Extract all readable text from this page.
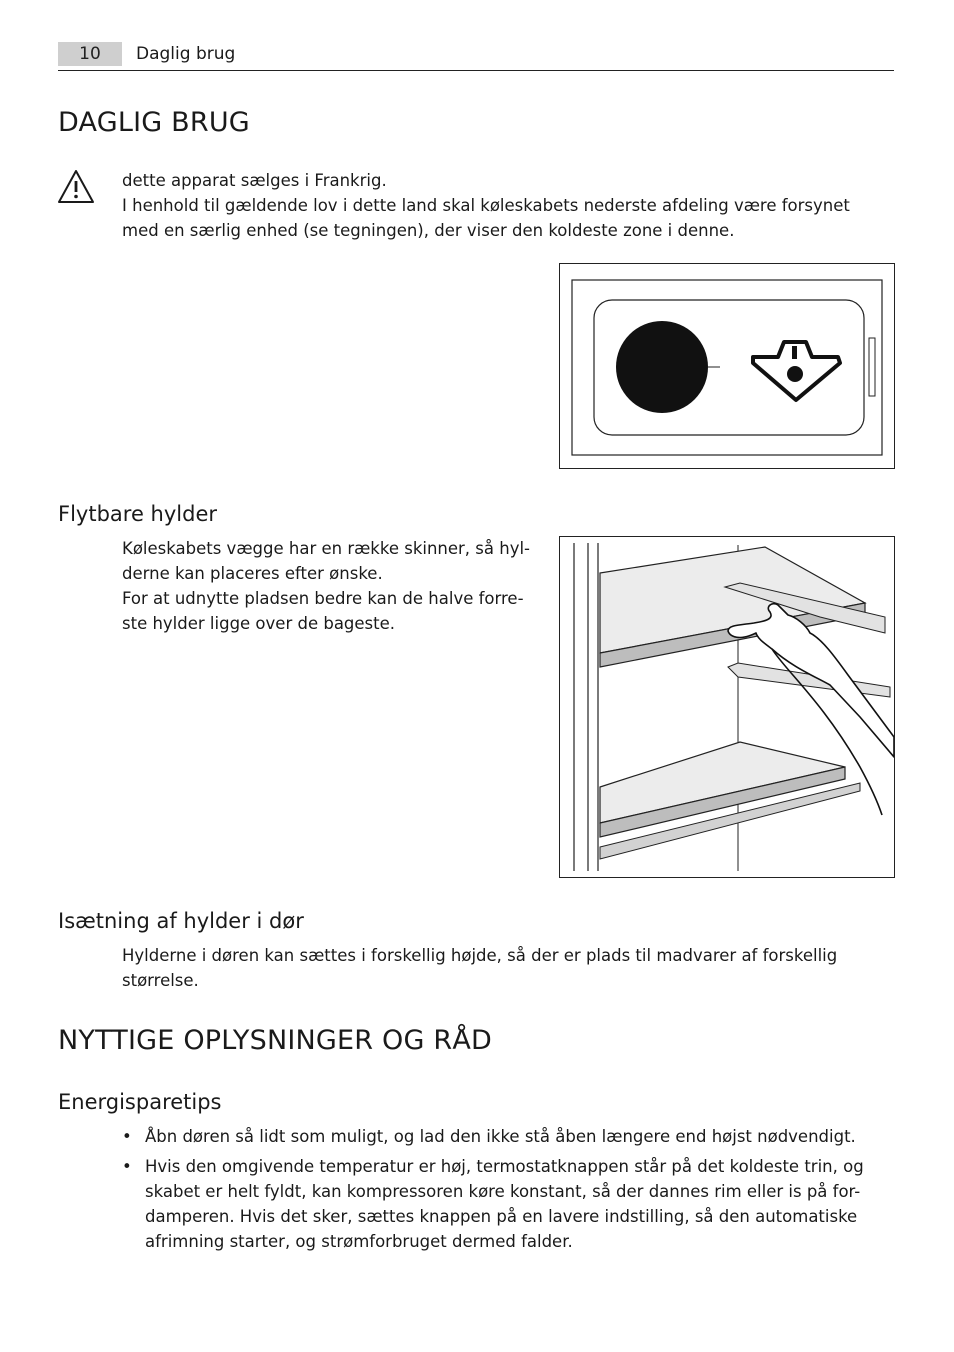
10	Daglig brug
DAGLIG BRUG

dette apparat sælges i Frankrig.

I henhold til gældende lov i dette land skal køleskabets nederste afdeling være forsynet

med en særlig enhed (se tegningen), der viser den koldeste zone i denne.

Flytbare hylder

Køleskabets vægge har en række skinner, så hyl-

derne kan placeres efter ønske.

For at udnytte pladsen bedre kan de halve forre-

ste hylder ligge over de bageste.

Isætning af hylder i dør

Hylderne i døren kan sættes i forskellig højde, så der er plads til madvarer af forskellig

størrelse.

NYTTIGE OPLYSNINGER OG RÅD
Energisparetips
• Åbn døren så lidt som muligt, og lad den ikke stå åben længere end højst nødvendigt.

• Hvis den omgivende temperatur er høj, termostatknappen står på det koldeste trin, og

skabet er helt fyldt, kan kompressoren køre konstant, så der dannes rim eller is på for-

damperen. Hvis det sker, sættes knappen på en lavere indstilling, så den automatiske

afrimning starter, og strømforbruget dermed falder.
